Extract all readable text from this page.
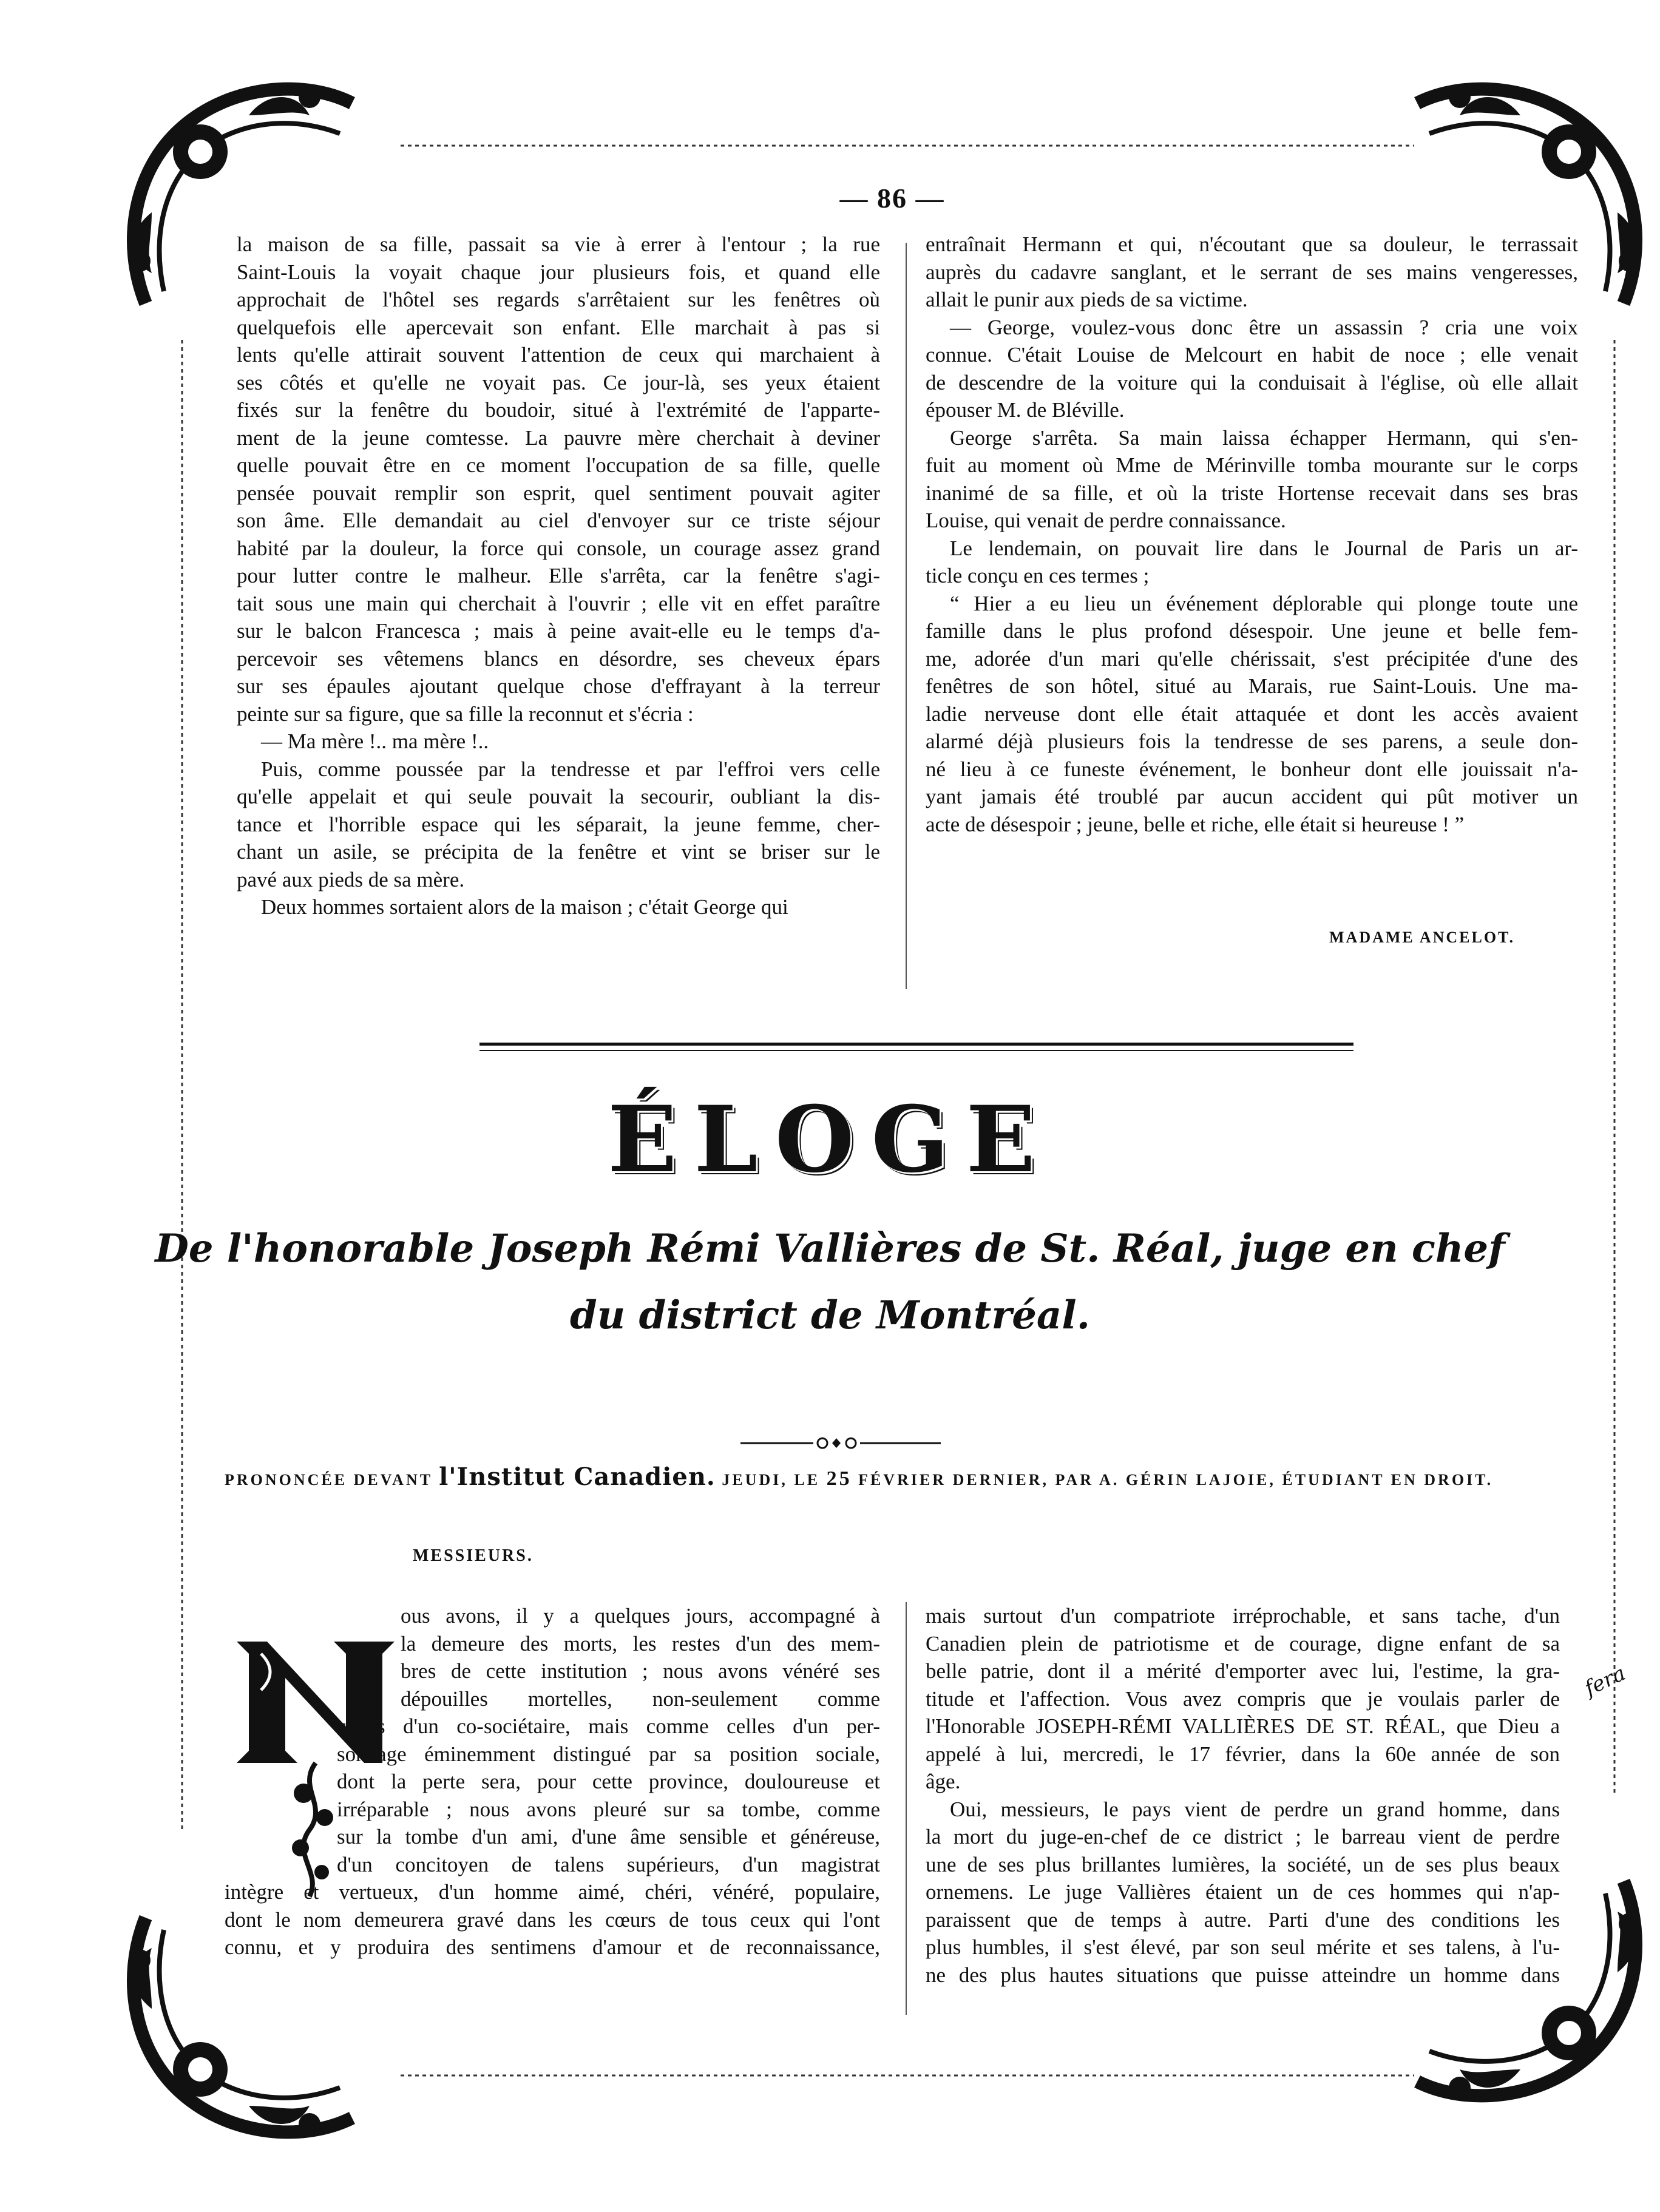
— 86 —

la maison de sa fille, passait sa vie à errer à l'entour ; la rue

Saint-Louis la voyait chaque jour plusieurs fois, et quand elle

approchait de l'hôtel ses regards s'arrêtaient sur les fenêtres où

quelquefois elle apercevait son enfant. Elle marchait à pas si

lents qu'elle attirait souvent l'attention de ceux qui marchaient à

ses côtés et qu'elle ne voyait pas. Ce jour-là, ses yeux étaient

fixés sur la fenêtre du boudoir, situé à l'extrémité de l'apparte-

ment de la jeune comtesse. La pauvre mère cherchait à deviner

quelle pouvait être en ce moment l'occupation de sa fille, quelle

pensée pouvait remplir son esprit, quel sentiment pouvait agiter

son âme. Elle demandait au ciel d'envoyer sur ce triste séjour

habité par la douleur, la force qui console, un courage assez grand

pour lutter contre le malheur. Elle s'arrêta, car la fenêtre s'agi-

tait sous une main qui cherchait à l'ouvrir ; elle vit en effet paraître

sur le balcon Francesca ; mais à peine avait-elle eu le temps d'a-

percevoir ses vêtemens blancs en désordre, ses cheveux épars

sur ses épaules ajoutant quelque chose d'effrayant à la terreur

peinte sur sa figure, que sa fille la reconnut et s'écria :

— Ma mère !.. ma mère !..

Puis, comme poussée par la tendresse et par l'effroi vers celle

qu'elle appelait et qui seule pouvait la secourir, oubliant la dis-

tance et l'horrible espace qui les séparait, la jeune femme, cher-

chant un asile, se précipita de la fenêtre et vint se briser sur le

pavé aux pieds de sa mère.

Deux hommes sortaient alors de la maison ; c'était George qui

entraînait Hermann et qui, n'écoutant que sa douleur, le terrassait

auprès du cadavre sanglant, et le serrant de ses mains vengeresses,

allait le punir aux pieds de sa victime.

— George, voulez-vous donc être un assassin ? cria une voix

connue. C'était Louise de Melcourt en habit de noce ; elle venait

de descendre de la voiture qui la conduisait à l'église, où elle allait

épouser M. de Bléville.

George s'arrêta. Sa main laissa échapper Hermann, qui s'en-

fuit au moment où Mme de Mérinville tomba mourante sur le corps

inanimé de sa fille, et où la triste Hortense recevait dans ses bras

Louise, qui venait de perdre connaissance.

Le lendemain, on pouvait lire dans le Journal de Paris un ar-

ticle conçu en ces termes ;

“ Hier a eu lieu un événement déplorable qui plonge toute une

famille dans le plus profond désespoir. Une jeune et belle fem-

me, adorée d'un mari qu'elle chérissait, s'est précipitée d'une des

fenêtres de son hôtel, situé au Marais, rue Saint-Louis. Une ma-

ladie nerveuse dont elle était attaquée et dont les accès avaient

alarmé déjà plusieurs fois la tendresse de ses parens, a seule don-

né lieu à ce funeste événement, le bonheur dont elle jouissait n'a-

yant jamais été troublé par aucun accident qui pût motiver un

acte de désespoir ; jeune, belle et riche, elle était si heureuse ! ”

MADAME ANCELOT.
ÉLOGE
De l'honorable Joseph Rémi Vallières de St. Réal, juge en chef
du district de Montréal.
PRONONCÉE DEVANT l'Institut Canadien. JEUDI, LE 25 FÉVRIER DERNIER, PAR A. GÉRIN LAJOIE, ÉTUDIANT EN DROIT.
MESSIEURS.

ous avons, il y a quelques jours, accompagné à

la demeure des morts, les restes d'un des mem-

bres de cette institution ; nous avons vénéré ses

dépouilles mortelles, non-seulement comme

celles d'un co-sociétaire, mais comme celles d'un per-

sonnage éminemment distingué par sa position sociale,

dont la perte sera, pour cette province, douloureuse et

irréparable ; nous avons pleuré sur sa tombe, comme

sur la tombe d'un ami, d'une âme sensible et généreuse,

d'un concitoyen de talens supérieurs, d'un magistrat

intègre et vertueux, d'un homme aimé, chéri, vénéré, populaire,

dont le nom demeurera gravé dans les cœurs de tous ceux qui l'ont

connu, et y produira des sentimens d'amour et de reconnaissance,

mais surtout d'un compatriote irréprochable, et sans tache, d'un

Canadien plein de patriotisme et de courage, digne enfant de sa

belle patrie, dont il a mérité d'emporter avec lui, l'estime, la gra-

titude et l'affection. Vous avez compris que je voulais parler de

l'Honorable JOSEPH-RÉMI VALLIÈRES DE ST. RÉAL, que Dieu a

appelé à lui, mercredi, le 17 février, dans la 60e année de son

âge.

Oui, messieurs, le pays vient de perdre un grand homme, dans

la mort du juge-en-chef de ce district ; le barreau vient de perdre

une de ses plus brillantes lumières, la société, un de ses plus beaux

ornemens. Le juge Vallières étaient un de ces hommes qui n'ap-

paraissent que de temps à autre. Parti d'une des conditions les

plus humbles, il s'est élevé, par son seul mérite et ses talens, à l'u-

ne des plus hautes situations que puisse atteindre un homme dans

fera
